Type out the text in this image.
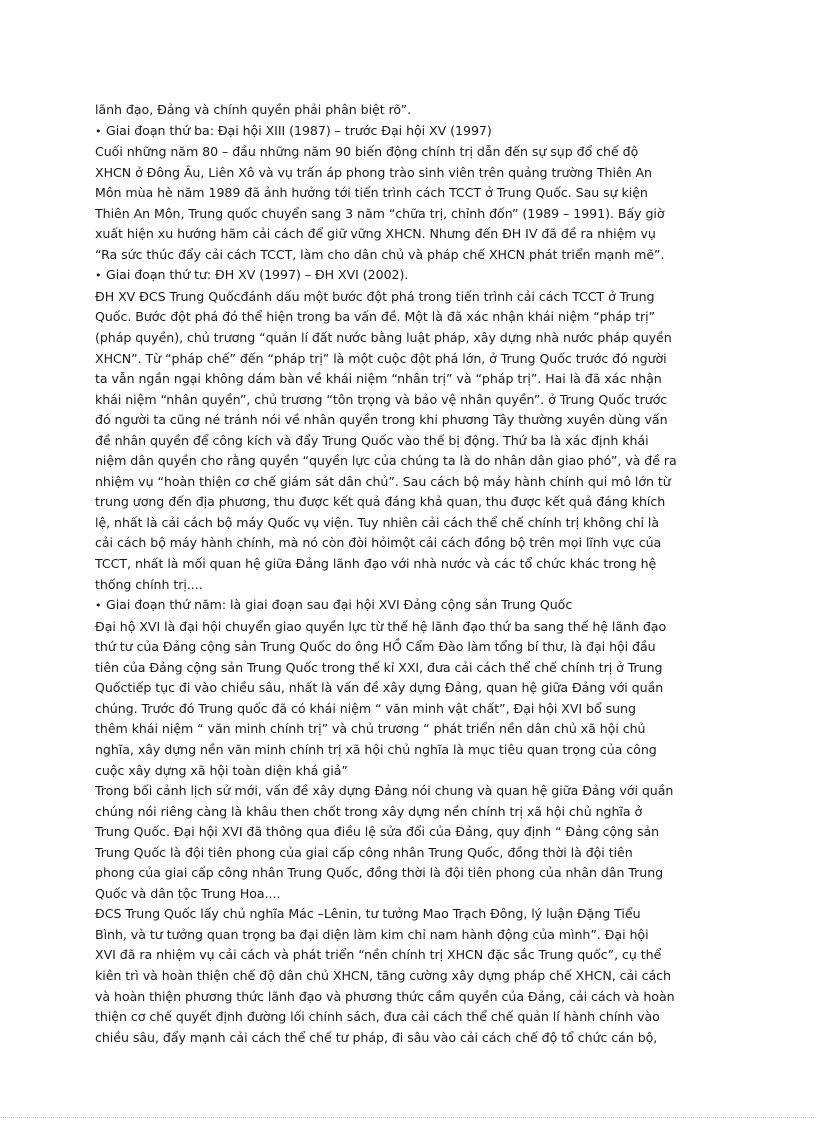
lãnh đạo, Đảng và chính quyền phải phân biệt rõ”.
• Giai đoạn thứ ba: Đại hội XIII (1987) – trước Đại hội XV (1997)
Cuối những năm 80 – đầu những năm 90 biến động chính trị dẫn đến sự sụp đổ chế độ
XHCN ở Đông Âu, Liên Xô và vụ trấn áp phong trào sinh viên trên quảng trường Thiên An
Môn mùa hè năm 1989 đã ảnh hưởng tới tiến trình cách TCCT ở Trung Quốc. Sau sự kiện
Thiên An Môn, Trung quốc chuyển sang 3 năm “chữa trị, chỉnh đốn” (1989 – 1991). Bấy giờ
xuất hiện xu hướng hãm cải cách để giữ vững XHCN. Nhưng đến ĐH IV đã đề ra nhiệm vụ
“Ra sức thúc đẩy cải cách TCCT, làm cho dân chủ và pháp chế XHCN phát triển mạnh mẽ”.
• Giai đoạn thứ tư: ĐH XV (1997) – ĐH XVI (2002).
ĐH XV ĐCS Trung Quốcđánh dấu một bước đột phá trong tiến trình cải cách TCCT ở Trung
Quốc. Bước đột phá đó thể hiện trong ba vấn đề. Một là đã xác nhận khái niệm “pháp trị”
(pháp quyền), chủ trương “quản lí đất nước bằng luật pháp, xây dựng nhà nước pháp quyền
XHCN”. Từ “pháp chế” đến “pháp trị” là một cuộc đột phá lớn, ở Trung Quốc trước đó người
ta vẫn ngần ngại không dám bàn về khái niệm “nhân trị” và “pháp trị”. Hai là đã xác nhận
khái niệm “nhân quyền”, chủ trương “tôn trọng và bảo vệ nhân quyền”. ở Trung Quốc trước
đó người ta cũng né tránh nói về nhân quyền trong khi phương Tây thường xuyên dùng vấn
đề nhân quyền để công kích và đẩy Trung Quốc vào thế bị động. Thứ ba là xác định khái
niệm dân quyền cho rằng quyền “quyền lực của chúng ta là do nhân dân giao phó”, và đề ra
nhiệm vụ “hoàn thiện cơ chế giám sát dân chủ”. Sau cách bộ máy hành chính qui mô lớn từ
trung ương đến địa phương, thu được kết quả đáng khả quan, thu được kết quả đáng khích
lệ, nhất là cải cách bộ máy Quốc vụ viện. Tuy nhiên cải cách thể chế chính trị không chỉ là
cải cách bộ máy hành chính, mà nó còn đòi hỏimột cải cách đồng bộ trên mọi lĩnh vực của
TCCT, nhất là mối quan hệ giữa Đảng lãnh đạo với nhà nước và các tổ chức khác trong hệ
thống chính trị....
• Giai đoạn thứ năm: là giai đoạn sau đại hội XVI Đảng cộng sản Trung Quốc
Đại hộ XVI là đại hội chuyển giao quyền lực từ thế hệ lãnh đạo thứ ba sang thế hệ lãnh đạo
thứ tư của Đảng cộng sản Trung Quốc do ông HỒ Cẩm Đào làm tổng bí thư, là đại hội đầu
tiên của Đảng cộng sản Trung Quốc trong thế kỉ XXI, đưa cải cách thể chế chính trị ở Trung
Quốctiếp tục đi vào chiều sâu, nhất là vấn đề xây dựng Đảng, quan hệ giữa Đảng với quần
chúng. Trước đó Trung quốc đã có khái niệm “ văn minh vật chất”, Đại hội XVI bổ sung
thêm khái niệm “ văn minh chính trị” và chủ trương “ phát triển nền dân chủ xã hội chủ
nghĩa, xây dựng nền văn minh chính trị xã hội chủ nghĩa là mục tiêu quan trọng của công
cuộc xây dựng xã hội toàn diện khá giả”
Trong bối cảnh lịch sử mới, vấn đề xây dựng Đảng nói chung và quan hệ giữa Đảng với quần
chúng nói riêng càng là khâu then chốt trong xây dựng nền chính trị xã hội chủ nghĩa ở
Trung Quốc. Đại hội XVI đã thông qua điều lệ sửa đổi của Đảng, quy định “ Đảng cộng sản
Trung Quốc là đội tiên phong của giai cấp công nhân Trung Quốc, đồng thời là đội tiên
phong của giai cấp công nhân Trung Quốc, đồng thời là đội tiên phong của nhân dân Trung
Quốc và dân tộc Trung Hoa....
ĐCS Trung Quốc lấy chủ nghĩa Mác –Lênin, tư tưởng Mao Trạch Đông, lý luận Đặng Tiểu
Bình, và tư tưởng quan trọng ba đại diện làm kim chỉ nam hành động của mình”. Đại hội
XVI đã ra nhiệm vụ cải cách và phát triển “nền chính trị XHCN đặc sắc Trung quốc”, cụ thể
kiên trì và hoàn thiện chế độ dân chủ XHCN, tăng cường xây dựng pháp chế XHCN, cải cách
và hoàn thiện phương thức lãnh đạo và phương thức cầm quyền của Đảng, cải cách và hoàn
thiện cơ chế quyết định đường lối chính sách, đưa cải cách thể chế quản lí hành chính vào
chiều sâu, đẩy mạnh cải cách thể chế tư pháp, đi sâu vào cải cách chế độ tổ chức cán bộ,
